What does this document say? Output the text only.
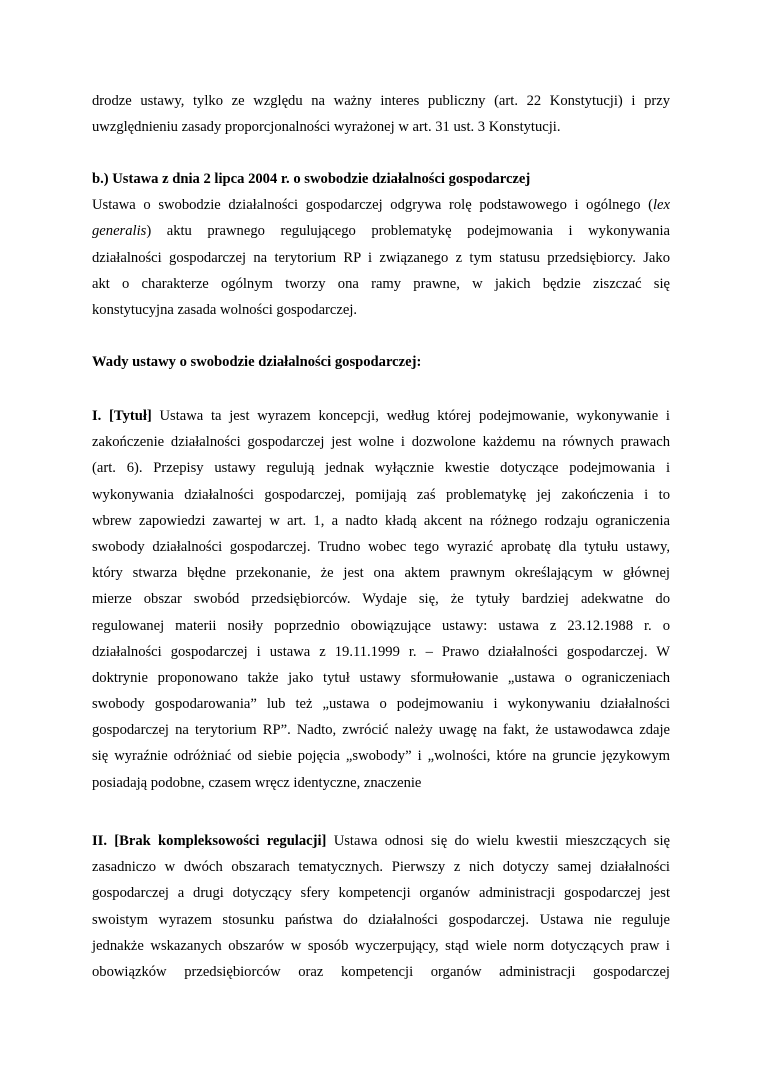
drodze ustawy, tylko ze względu na ważny interes publiczny (art. 22 Konstytucji) i przy
uwzględnieniu zasady proporcjonalności wyrażonej w art. 31 ust. 3 Konstytucji.
b.) Ustawa z dnia 2 lipca 2004 r. o swobodzie działalności gospodarczej
Ustawa o swobodzie działalności gospodarczej odgrywa rolę podstawowego i ogólnego (lex
generalis) aktu prawnego regulującego problematykę podejmowania i wykonywania
działalności gospodarczej na terytorium RP i związanego z tym statusu przedsiębiorcy. Jako
akt o charakterze ogólnym tworzy ona ramy prawne, w jakich będzie ziszczać się
konstytucyjna zasada wolności gospodarczej.
Wady ustawy o swobodzie działalności gospodarczej:
I. [Tytuł] Ustawa ta jest wyrazem koncepcji, według której podejmowanie, wykonywanie i
zakończenie działalności gospodarczej jest wolne i dozwolone każdemu na równych prawach
(art. 6). Przepisy ustawy regulują jednak wyłącznie kwestie dotyczące podejmowania i
wykonywania działalności gospodarczej, pomijają zaś problematykę jej zakończenia i to
wbrew zapowiedzi zawartej w art. 1, a nadto kładą akcent na różnego rodzaju ograniczenia
swobody działalności gospodarczej. Trudno wobec tego wyrazić aprobatę dla tytułu ustawy,
który stwarza błędne przekonanie, że jest ona aktem prawnym określającym w głównej
mierze obszar swobód przedsiębiorców. Wydaje się, że tytuły bardziej adekwatne do
regulowanej materii nosiły poprzednio obowiązujące ustawy: ustawa z 23.12.1988 r. o
działalności gospodarczej i ustawa z 19.11.1999 r. – Prawo działalności gospodarczej. W
doktrynie proponowano także jako tytuł ustawy sformułowanie „ustawa o ograniczeniach
swobody gospodarowania” lub też „ustawa o podejmowaniu i wykonywaniu działalności
gospodarczej na terytorium RP”. Nadto, zwrócić należy uwagę na fakt, że ustawodawca zdaje
się wyraźnie odróżniać od siebie pojęcia „swobody” i „wolności, które na gruncie językowym
posiadają podobne, czasem wręcz identyczne, znaczenie
II. [Brak kompleksowości regulacji] Ustawa odnosi się do wielu kwestii mieszczących się
zasadniczo w dwóch obszarach tematycznych. Pierwszy z nich dotyczy samej działalności
gospodarczej a drugi dotyczący sfery kompetencji organów administracji gospodarczej jest
swoistym wyrazem stosunku państwa do działalności gospodarczej. Ustawa nie reguluje
jednakże wskazanych obszarów w sposób wyczerpujący, stąd wiele norm dotyczących praw i
obowiązków przedsiębiorców oraz kompetencji organów administracji gospodarczej
